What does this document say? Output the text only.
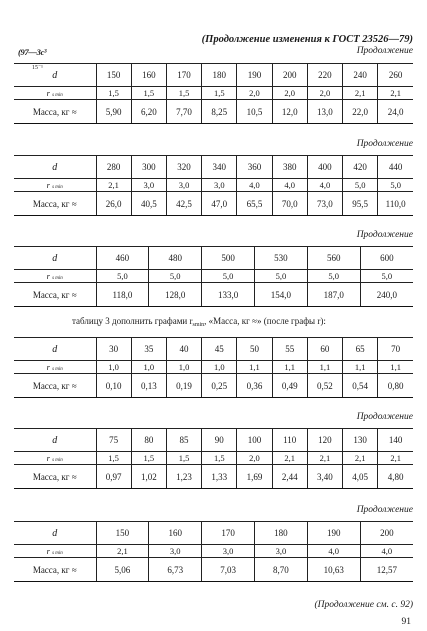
(Продолжение изменения к ГОСТ 23526—79)
(97—3c³
15⁻¹
Продолжение
Продолжение
Продолжение
Продолжение
Продолжение
таблицу 3 дополнить графами $r_{smin}$, «Масса, кг ≈» (после графы r):
d	150	160	170	180	190	200	220	240	260
r s min	1,5	1,5	1,5	1,5	2,0	2,0	2,0	2,1	2,1
Масса, кг ≈	5,90	6,20	7,70	8,25	10,5	12,0	13,0	22,0	24,0
d	280	300	320	340	360	380	400	420	440
r s min	2,1	3,0	3,0	3,0	4,0	4,0	4,0	5,0	5,0
Масса, кг ≈	26,0	40,5	42,5	47,0	65,5	70,0	73,0	95,5	110,0
d	460	480	500	530	560	600
r s min	5,0	5,0	5,0	5,0	5,0	5,0
Масса, кг ≈	118,0	128,0	133,0	154,0	187,0	240,0
d	30	35	40	45	50	55	60	65	70
r s min	1,0	1,0	1,0	1,0	1,1	1,1	1,1	1,1	1,1
Масса, кг ≈	0,10	0,13	0,19	0,25	0,36	0,49	0,52	0,54	0,80
d	75	80	85	90	100	110	120	130	140
r s min	1,5	1,5	1,5	1,5	2,0	2,1	2,1	2,1	2,1
Масса, кг ≈	0,97	1,02	1,23	1,33	1,69	2,44	3,40	4,05	4,80
d	150	160	170	180	190	200
r s min	2,1	3,0	3,0	3,0	4,0	4,0
Масса, кг ≈	5,06	6,73	7,03	8,70	10,63	12,57
(Продолжение см. с. 92)
91
